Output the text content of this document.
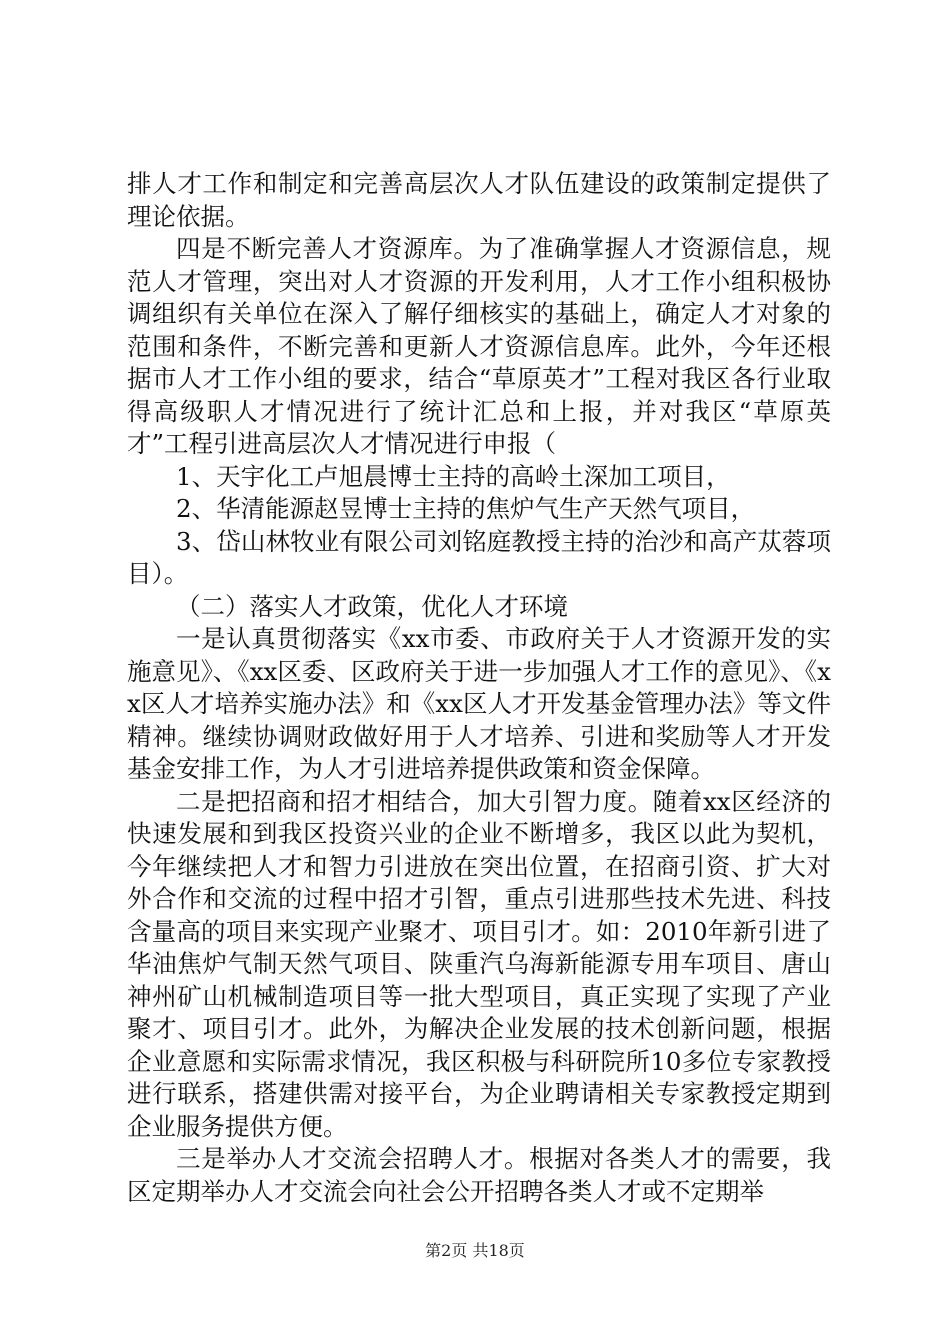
排人才工作和制定和完善高层次人才队伍建设的政策制定提供了理论依据。

四是不断完善人才资源库。为了准确掌握人才资源信息，规范人才管理，突出对人才资源的开发利用，人才工作小组积极协调组织有关单位在深入了解仔细核实的基础上，确定人才对象的范围和条件，不断完善和更新人才资源信息库。此外，今年还根据市人才工作小组的要求，结合“草原英才”工程对我区各行业取得高级职人才情况进行了统计汇总和上报，并对我区“草原英才”工程引进高层次人才情况进行申报（

1、天宇化工卢旭晨博士主持的高岭土深加工项目，

2、华清能源赵昱博士主持的焦炉气生产天然气项目，

3、岱山林牧业有限公司刘铭庭教授主持的治沙和高产苁蓉项目）。

（二）落实人才政策，优化人才环境

一是认真贯彻落实《xx市委、市政府关于人才资源开发的实施意见》、《xx区委、区政府关于进一步加强人才工作的意见》、《xx区人才培养实施办法》和《xx区人才开发基金管理办法》等文件精神。继续协调财政做好用于人才培养、引进和奖励等人才开发基金安排工作，为人才引进培养提供政策和资金保障。

二是把招商和招才相结合，加大引智力度。随着xx区经济的快速发展和到我区投资兴业的企业不断增多，我区以此为契机，今年继续把人才和智力引进放在突出位置，在招商引资、扩大对外合作和交流的过程中招才引智，重点引进那些技术先进、科技含量高的项目来实现产业聚才、项目引才。如：2010年新引进了华油焦炉气制天然气项目、陕重汽乌海新能源专用车项目、唐山神州矿山机械制造项目等一批大型项目，真正实现了实现了产业聚才、项目引才。此外，为解决企业发展的技术创新问题，根据企业意愿和实际需求情况，我区积极与科研院所10多位专家教授进行联系，搭建供需对接平台，为企业聘请相关专家教授定期到企业服务提供方便。

三是举办人才交流会招聘人才。根据对各类人才的需要，我区定期举办人才交流会向社会公开招聘各类人才或不定期举

第2页 共18页
